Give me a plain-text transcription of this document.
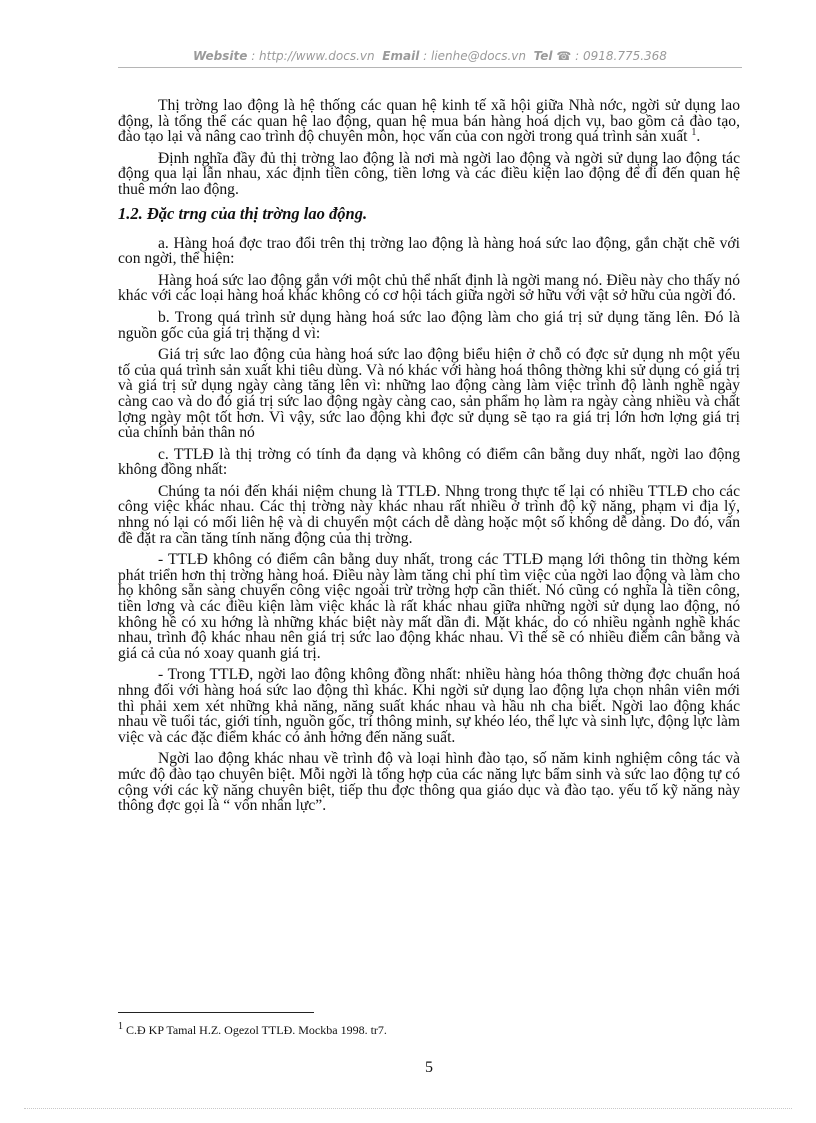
Website : http://www.docs.vn Email : lienhe@docs.vn Tel ☎ : 0918.775.368

Thị trờng lao động là hệ thống các quan hệ kinh tế xã hội giữa Nhà nớc, ngời sử dụng lao động, là tổng thể các quan hệ lao động, quan hệ mua bán hàng hoá dịch vụ, bao gồm cả đào tạo, đào tạo lại và nâng cao trình độ chuyên môn, học vấn của con ngời trong quá trình sản xuất $^1$.

Định nghĩa đầy đủ thị trờng lao động là nơi mà ngời lao động và ngời sử dụng lao động tác động qua lại lẫn nhau, xác định tiền công, tiền lơng và các điều kiện lao động để đi đến quan hệ thuê mớn lao động.

1.2. Đặc trng của thị trờng lao động.

a. Hàng hoá đợc trao đổi trên thị trờng lao động là hàng hoá sức lao động, gắn chặt chẽ với con ngời, thể hiện:

Hàng hoá sức lao động gắn với một chủ thể nhất định là ngời mang nó. Điều này cho thấy nó khác với các loại hàng hoá khác không có cơ hội tách giữa ngời sở hữu với vật sở hữu của ngời đó.

b. Trong quá trình sử dụng hàng hoá sức lao động làm cho giá trị sử dụng tăng lên. Đó là nguồn gốc của giá trị thặng d vì:

Giá trị sức lao động của hàng hoá sức lao động biểu hiện ở chỗ có đợc sử dụng nh một yếu tố của quá trình sản xuất khi tiêu dùng. Và nó khác với hàng hoá thông thờng khi sử dụng có giá trị và giá trị sử dụng ngày càng tăng lên vì: những lao động càng làm việc trình độ lành nghề ngày càng cao và do đó giá trị sức lao động ngày càng cao, sản phẩm họ làm ra ngày càng nhiều và chất lợng ngày một tốt hơn. Vì vậy, sức lao động khi đợc sử dụng sẽ tạo ra giá trị lớn hơn lợng giá trị của chính bản thân nó

c. TTLĐ là thị trờng có tính đa dạng và không có điểm cân bằng duy nhất, ngời lao động không đồng nhất:

Chúng ta nói đến khái niệm chung là TTLĐ. Nhng trong thực tế lại có nhiều TTLĐ cho các công việc khác nhau. Các thị trờng này khác nhau rất nhiều ở trình độ kỹ năng, phạm vi địa lý, nhng nó lại có mối liên hệ và di chuyển một cách dễ dàng hoặc một số không dễ dàng. Do đó, vấn đề đặt ra cần tăng tính năng động của thị trờng.

- TTLĐ không có điểm cân bằng duy nhất, trong các TTLĐ mạng lới thông tin thờng kém phát triển hơn thị trờng hàng hoá. Điều này làm tăng chi phí tìm việc của ngời lao động và làm cho họ không sẵn sàng chuyển công việc ngoài trừ trờng hợp cần thiết. Nó cũng có nghĩa là tiền công, tiền lơng và các điều kiện làm việc khác là rất khác nhau giữa những ngời sử dụng lao động, nó không hề có xu hớng là những khác biệt này mất dần đi. Mặt khác, do có nhiều ngành nghề khác nhau, trình độ khác nhau nên giá trị sức lao động khác nhau. Vì thế sẽ có nhiều điểm cân bằng và giá cả của nó xoay quanh giá trị.

- Trong TTLĐ, ngời lao động không đồng nhất: nhiều hàng hóa thông thờng đợc chuẩn hoá nhng đối với hàng hoá sức lao động thì khác. Khi ngời sử dụng lao động lựa chọn nhân viên mới thì phải xem xét những khả năng, năng suất khác nhau và hầu nh cha biết. Ngời lao động khác nhau về tuổi tác, giới tính, nguồn gốc, trí thông minh, sự khéo léo, thể lực và sinh lực, động lực làm việc và các đặc điểm khác có ảnh hởng đến năng suất.

Ngời lao động khác nhau về trình độ và loại hình đào tạo, số năm kinh nghiệm công tác và mức độ đào tạo chuyên biệt. Mỗi ngời là tổng hợp của các năng lực bẩm sinh và sức lao động tự có cộng với các kỹ năng chuyên biệt, tiếp thu đợc thông qua giáo dục và đào tạo. yếu tố kỹ năng này thông đợc gọi là “ vốn nhân lực”.

$^1$ C.Đ KP Tamal H.Z. Ogezol TTLĐ. Mockba 1998. tr7.
5
